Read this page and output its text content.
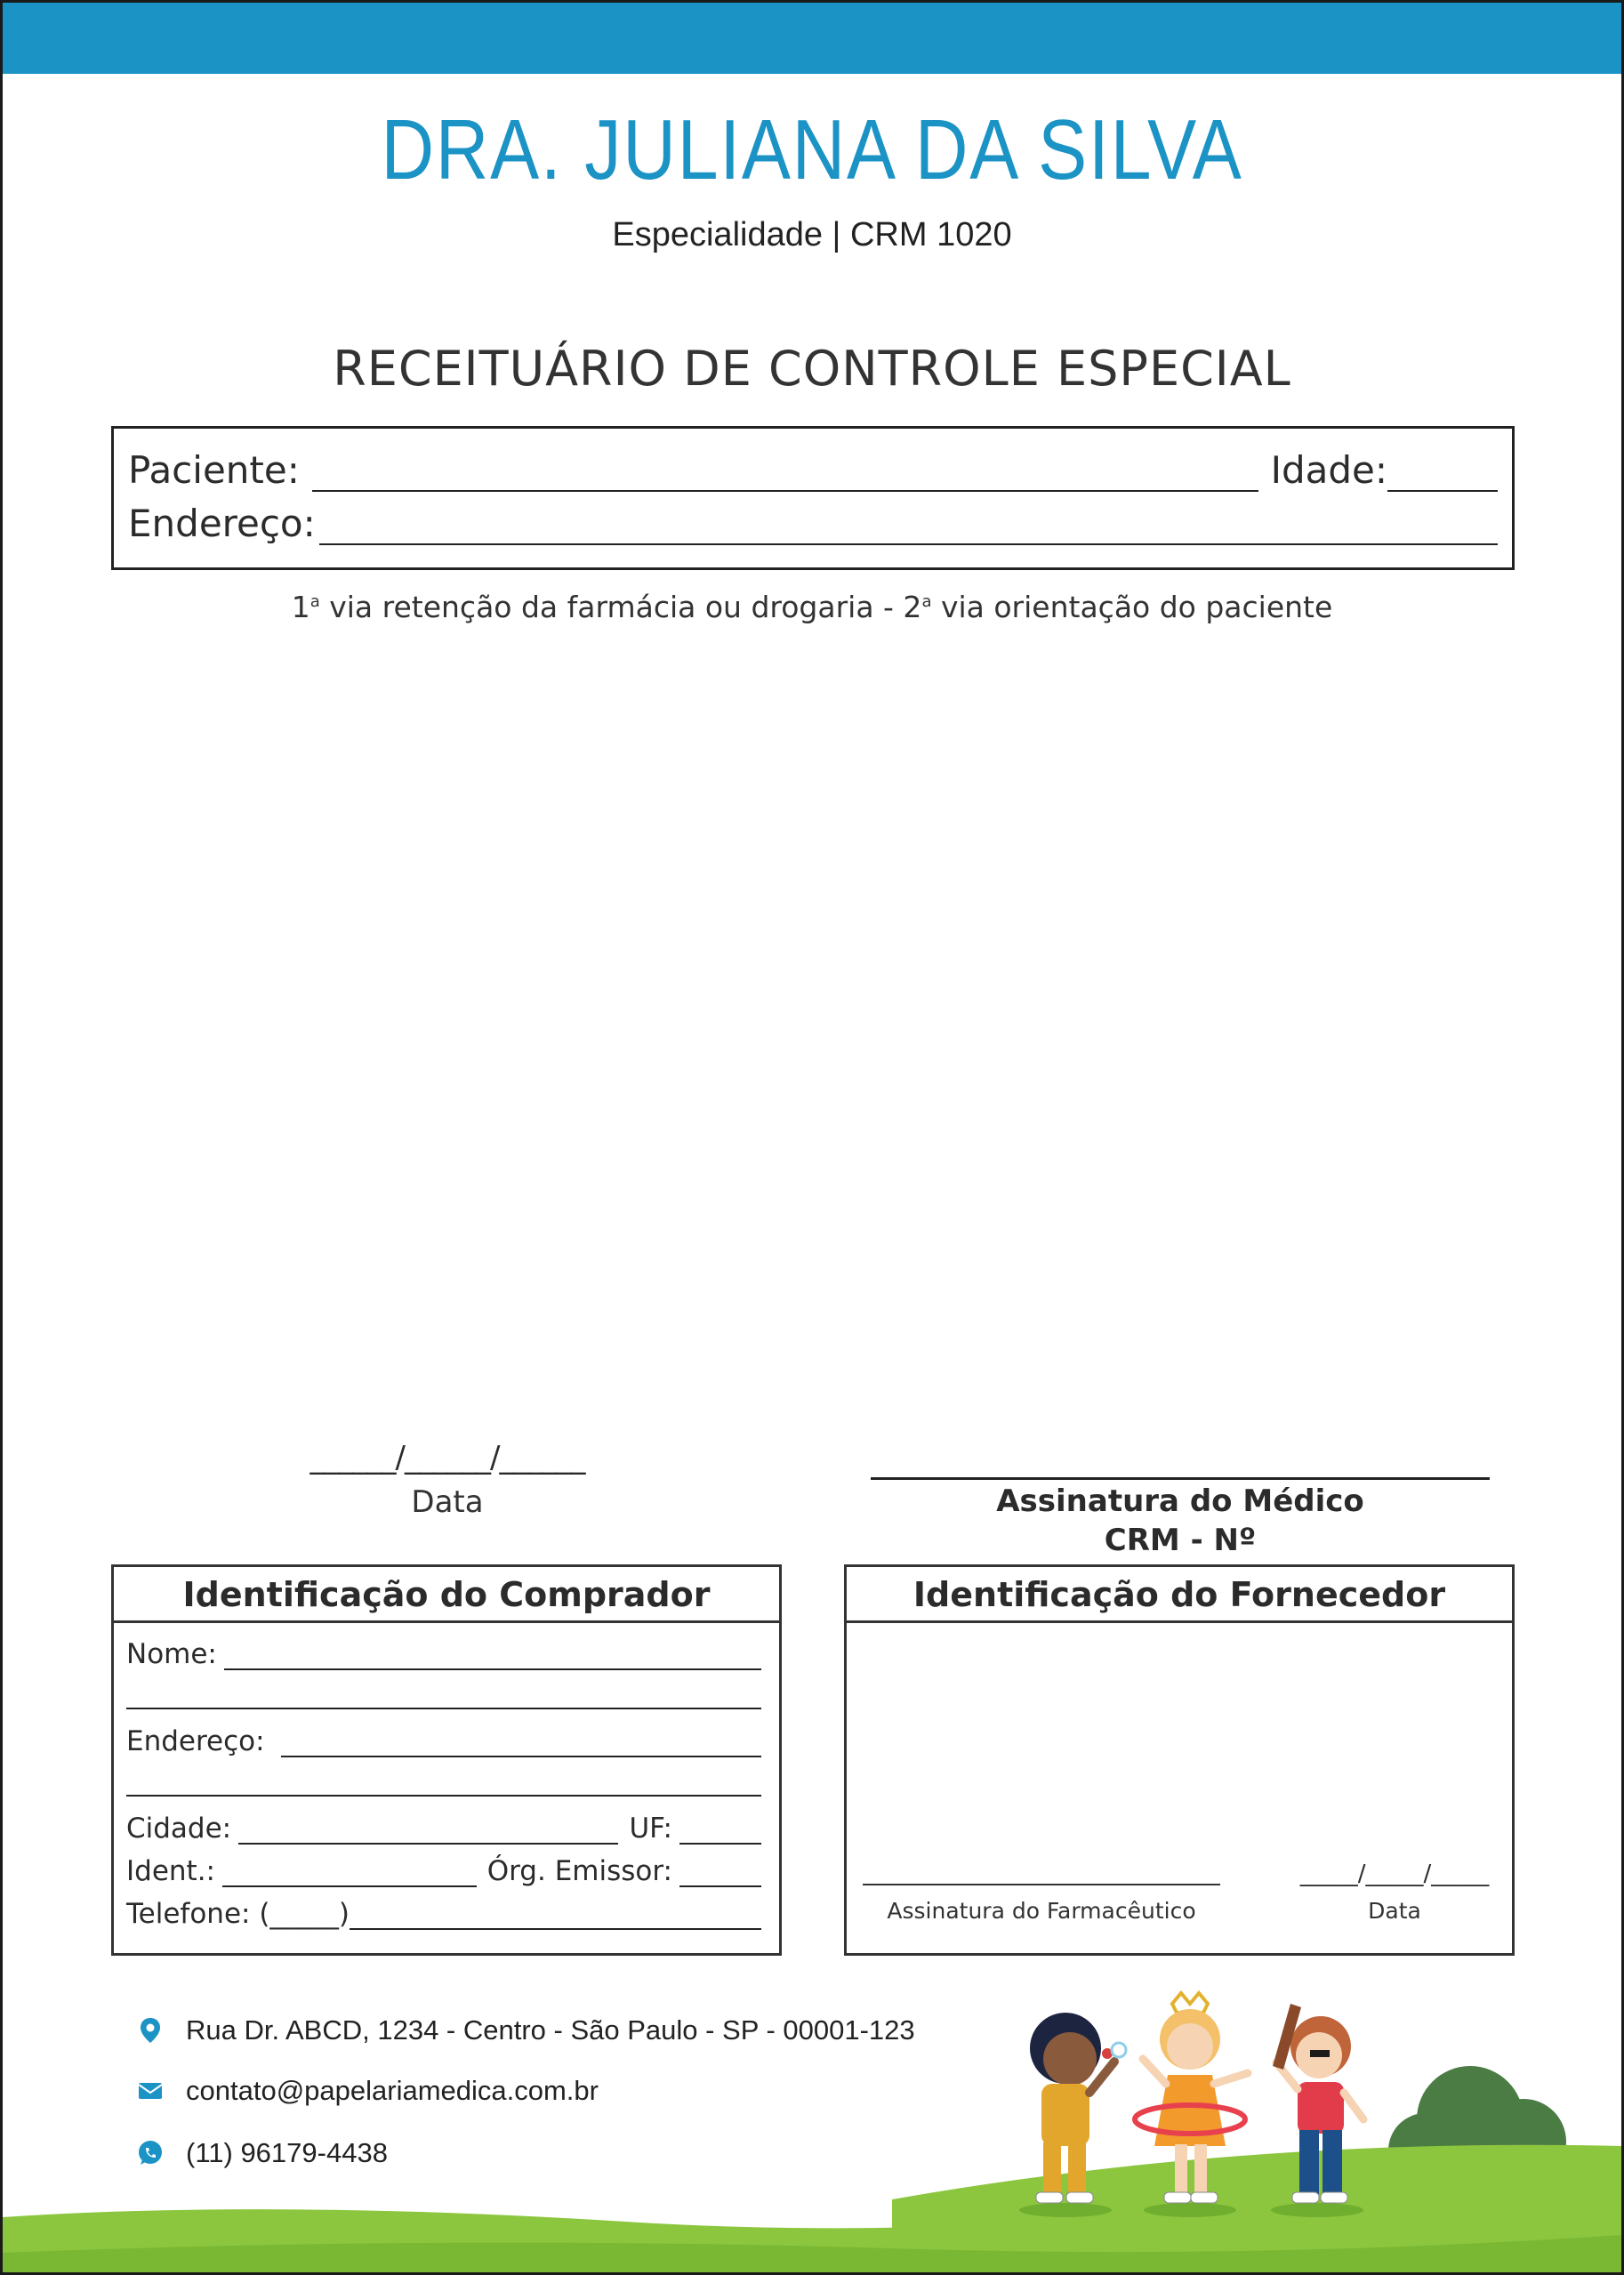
DRA. JULIANA DA SILVA
Especialidade | CRM 1020
RECEITUÁRIO DE CONTROLE ESPECIAL
Paciente:	Idade:
Endereço:
1$^a$ via retenção da farmácia ou drogaria - 2$^a$ via orientação do paciente
______/______/______
Data	Assinatura do Médico
CRM - Nº
Identificação do Comprador
Nome:
Endereço:
Cidade:	UF:
Ident.:	Órg. Emissor:
Telefone: (_____)
Identificação do Fornecedor
Assinatura do Farmacêutico
_____/_____/_____
Data
Rua Dr. ABCD, 1234 - Centro - São Paulo - SP - 00001-123
contato@papelariamedica.com.br
(11) 96179-4438
